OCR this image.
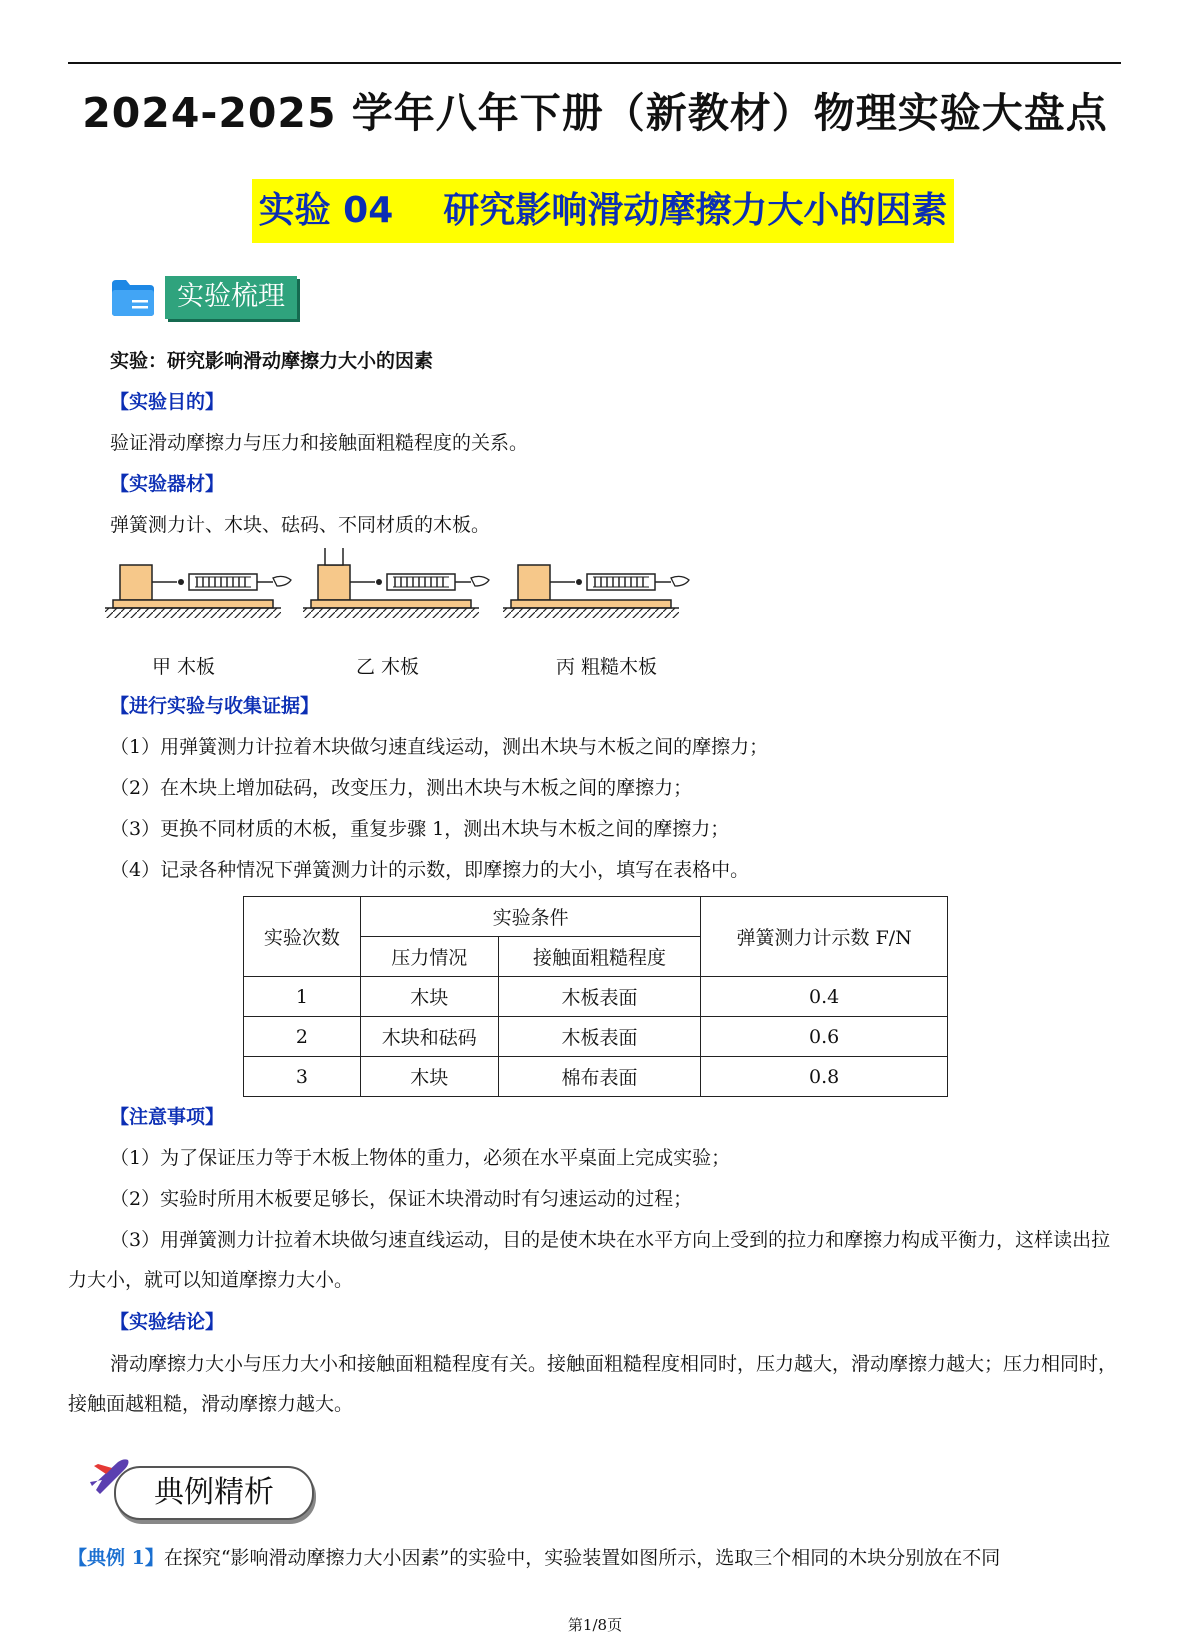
2024-2025 学年八年下册（新教材）物理实验大盘点
实验 04    研究影响滑动摩擦力大小的因素
实验梳理
实验：研究影响滑动摩擦力大小的因素
【实验目的】
验证滑动摩擦力与压力和接触面粗糙程度的关系。
【实验器材】
弹簧测力计、木块、砝码、不同材质的木板。
甲 木板	乙 木板	丙 粗糙木板
【进行实验与收集证据】
（1）用弹簧测力计拉着木块做匀速直线运动，测出木块与木板之间的摩擦力；
（2）在木块上增加砝码，改变压力，测出木块与木板之间的摩擦力；
（3）更换不同材质的木板，重复步骤 1，测出木块与木板之间的摩擦力；
（4）记录各种情况下弹簧测力计的示数，即摩擦力的大小，填写在表格中。
实验次数	实验条件		弹簧测力计示数 F/N
	压力情况	接触面粗糙程度	
1	木块	木板表面	0.4
2	木块和砝码	木板表面	0.6
3	木块	棉布表面	0.8
【注意事项】
（1）为了保证压力等于木板上物体的重力，必须在水平桌面上完成实验；
（2）实验时所用木板要足够长，保证木块滑动时有匀速运动的过程；
（3）用弹簧测力计拉着木块做匀速直线运动，目的是使木块在水平方向上受到的拉力和摩擦力构成平衡力，这样读出拉力大小，就可以知道摩擦力大小。
【实验结论】
滑动摩擦力大小与压力大小和接触面粗糙程度有关。接触面粗糙程度相同时，压力越大，滑动摩擦力越大；压力相同时，接触面越粗糙，滑动摩擦力越大。
典例精析
【典例 1】在探究“影响滑动摩擦力大小因素”的实验中，实验装置如图所示，选取三个相同的木块分别放在不同
第1/8页
